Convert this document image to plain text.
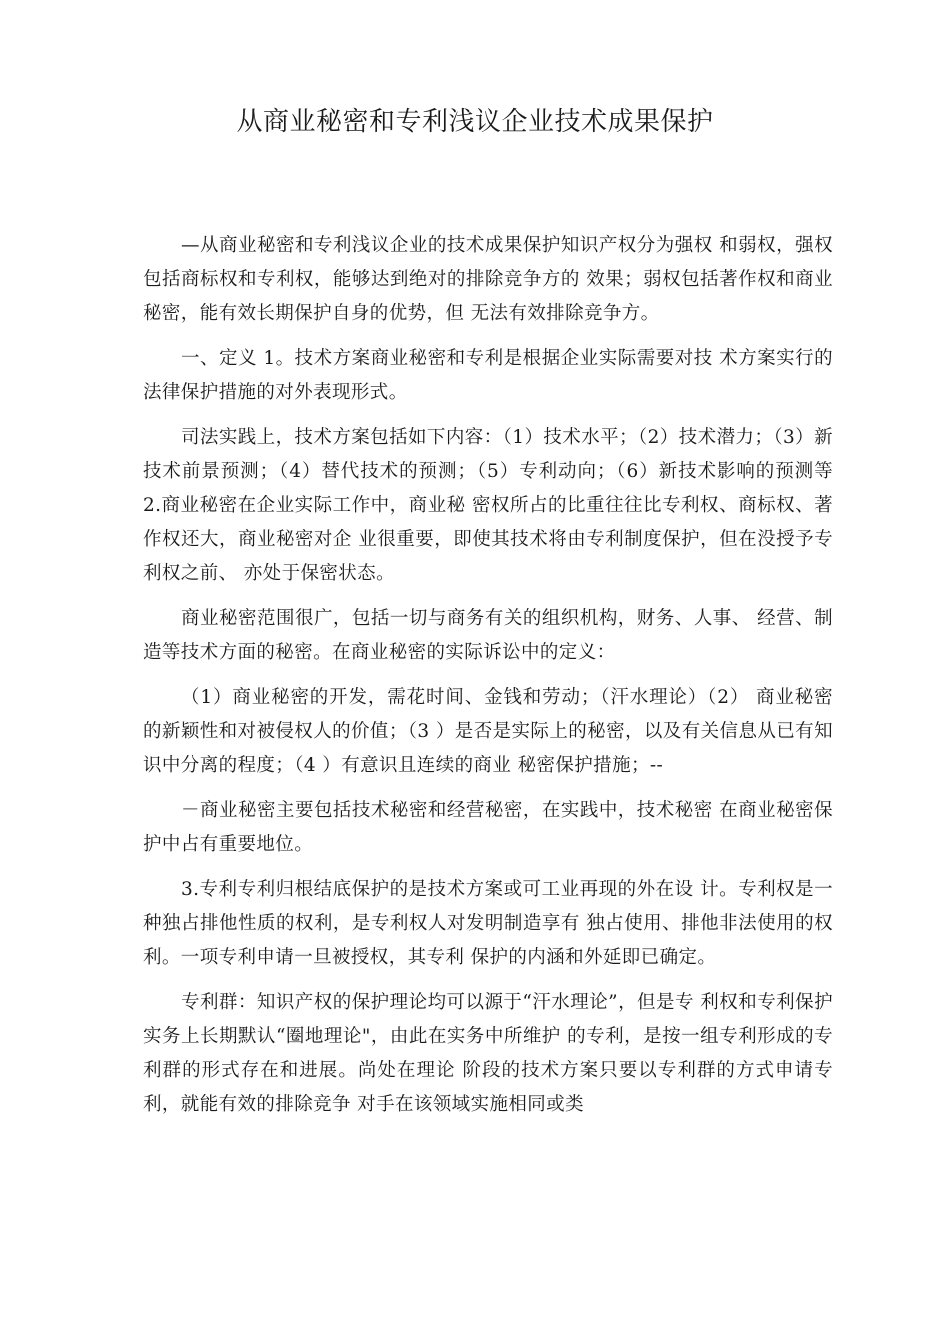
从商业秘密和专利浅议企业技术成果保护

—从商业秘密和专利浅议企业的技术成果保护知识产权分为强权 和弱权，强权包括商标权和专利权，能够达到绝对的排除竞争方的 效果；弱权包括著作权和商业秘密，能有效长期保护自身的优势，但 无法有效排除竞争方。

一、定义 1。技术方案商业秘密和专利是根据企业实际需要对技 术方案实行的法律保护措施的对外表现形式。

司法实践上，技术方案包括如下内容：（1）技术水平；（2）技术潜力；（3）新技术前景预测；（4）替代技术的预测；（5）专利动向；（6）新技术影响的预测等 2.商业秘密在企业实际工作中，商业秘 密权所占的比重往往比专利权、商标权、著作权还大，商业秘密对企 业很重要，即使其技术将由专利制度保护，但在没授予专利权之前、 亦处于保密状态。

商业秘密范围很广，包括一切与商务有关的组织机构，财务、人事、 经营、制造等技术方面的秘密。在商业秘密的实际诉讼中的定义：

（1）商业秘密的开发，需花时间、金钱和劳动；（汗水理论）（2） 商业秘密的新颖性和对被侵权人的价值；（3 ）是否是实际上的秘密，以及有关信息从已有知识中分离的程度；（4 ）有意识且连续的商业 秘密保护措施；--

－商业秘密主要包括技术秘密和经营秘密，在实践中，技术秘密 在商业秘密保护中占有重要地位。

3.专利专利归根结底保护的是技术方案或可工业再现的外在设 计。专利权是一种独占排他性质的权利，是专利权人对发明制造享有 独占使用、排他非法使用的权利。一项专利申请一旦被授权，其专利 保护的内涵和外延即已确定。

专利群：知识产权的保护理论均可以源于“汗水理论”，但是专 利权和专利保护实务上长期默认“圈地理论"，由此在实务中所维护 的专利，是按一组专利形成的专利群的形式存在和进展。尚处在理论 阶段的技术方案只要以专利群的方式申请专利，就能有效的排除竞争 对手在该领域实施相同或类
